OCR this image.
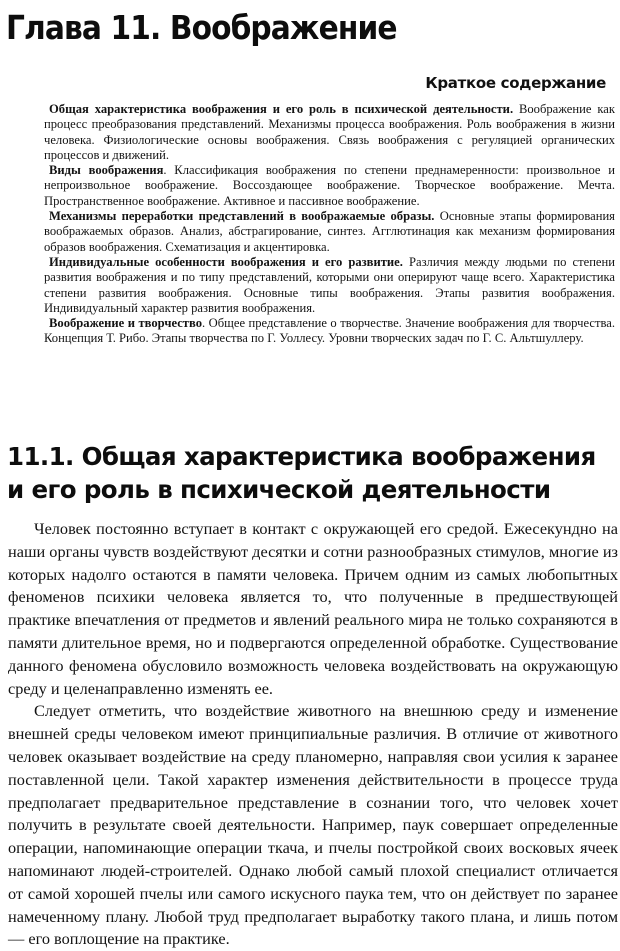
Глава 11. Воображение
Краткое содержание

Общая характеристика воображения и его роль в психической деятельности. Воображение как процесс преобразования представлений. Механизмы процесса воображения. Роль воображения в жизни человека. Физиологические основы воображения. Связь воображения с регуляцией органических процессов и движений.

Виды воображения. Классификация воображения по степени преднамеренности: произвольное и непроизвольное воображение. Воссоздающее воображение. Творческое воображение. Мечта. Пространственное воображение. Активное и пассивное воображение.

Механизмы переработки представлений в воображаемые образы. Основные этапы формирования воображаемых образов. Анализ, абстрагирование, синтез. Агглютинация как механизм формирования образов воображения. Схематизация и акцентировка.

Индивидуальные особенности воображения и его развитие. Различия между людьми по степени развития воображения и по типу представлений, которыми они оперируют чаще всего. Характеристика степени развития воображения. Основные типы воображения. Этапы развития воображения. Индивидуальный характер развития воображения.

Воображение и творчество. Общее представление о творчестве. Значение воображения для творчества. Концепция Т. Рибо. Этапы творчества по Г. Уоллесу. Уровни творческих задач по Г. С. Альтшуллеру.

11.1. Общая характеристика воображения
и его роль в психической деятельности

Человек постоянно вступает в контакт с окружающей его средой. Ежесекундно на наши органы чувств воздействуют десятки и сотни разнообразных стимулов, многие из которых надолго остаются в памяти человека. Причем одним из самых любопытных феноменов психики человека является то, что полученные в предшествующей практике впечатления от предметов и явлений реального мира не только сохраняются в памяти длительное время, но и подвергаются определенной обработке. Существование данного феномена обусловило возможность человека воздействовать на окружающую среду и целенаправленно изменять ее.

Следует отметить, что воздействие животного на внешнюю среду и изменение внешней среды человеком имеют принципиальные различия. В отличие от животного человек оказывает воздействие на среду планомерно, направляя свои усилия к заранее поставленной цели. Такой характер изменения действительности в процессе труда предполагает предварительное представление в сознании того, что человек хочет получить в результате своей деятельности. Например, паук совершает определенные операции, напоминающие операции ткача, и пчелы постройкой своих восковых ячеек напоминают людей-строителей. Однако любой самый плохой специалист отличается от самой хорошей пчелы или самого искусного паука тем, что он действует по заранее намеченному плану. Любой труд предполагает выработку такого плана, и лишь потом — его воплощение на практике.
